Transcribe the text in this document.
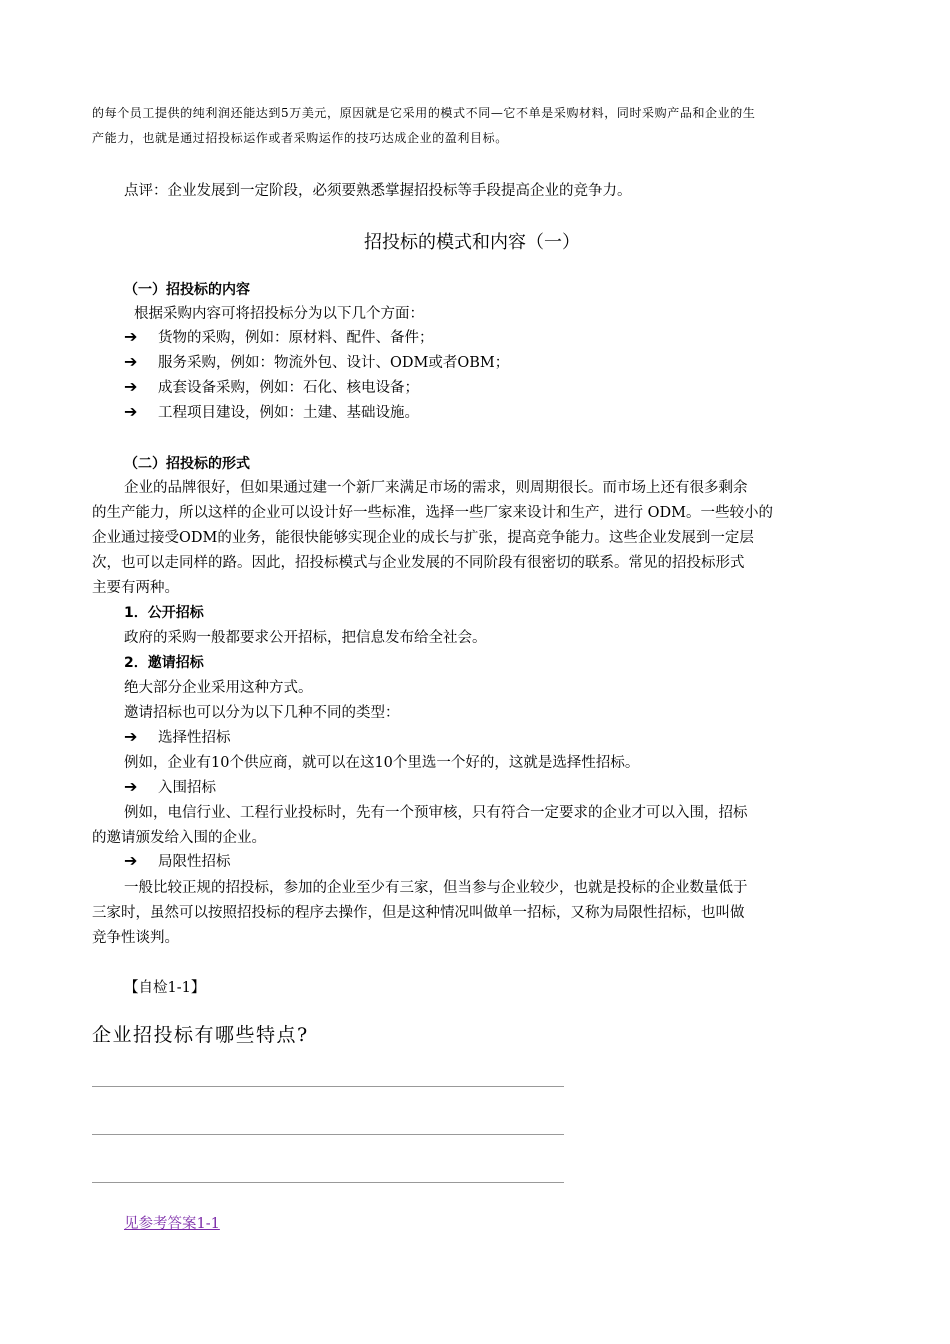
的每个员工提供的纯利润还能达到5万美元，原因就是它采用的模式不同—它不单是采购材料，同时采购产品和企业的生

产能力，也就是通过招投标运作或者采购运作的技巧达成企业的盈利目标。

点评：企业发展到一定阶段，必须要熟悉掌握招投标等手段提高企业的竞争力。

招投标的模式和内容（一）

（一）招投标的内容

根据采购内容可将招投标分为以下几个方面：

➔ 货物的采购，例如：原材料、配件、备件；
➔ 服务采购，例如：物流外包、设计、ODM或者OBM；
➔ 成套设备采购，例如：石化、核电设备；
➔ 工程项目建设，例如：土建、基础设施。

（二）招投标的形式

企业的品牌很好，但如果通过建一个新厂来满足市场的需求，则周期很长。而市场上还有很多剩余

的生产能力，所以这样的企业可以设计好一些标准，选择一些厂家来设计和生产，进行 ODM。一些较小的

企业通过接受ODM的业务，能很快能够实现企业的成长与扩张，提高竞争能力。这些企业发展到一定层

次，也可以走同样的路。因此，招投标模式与企业发展的不同阶段有很密切的联系。常见的招投标形式

主要有两种。

1．公开招标

政府的采购一般都要求公开招标，把信息发布给全社会。

2．邀请招标

绝大部分企业采用这种方式。

邀请招标也可以分为以下几种不同的类型：

➔ 选择性招标

例如，企业有10个供应商，就可以在这10个里选一个好的，这就是选择性招标。

➔ 入围招标

例如，电信行业、工程行业投标时，先有一个预审核，只有符合一定要求的企业才可以入围，招标

的邀请颁发给入围的企业。

➔ 局限性招标

一般比较正规的招投标，参加的企业至少有三家，但当参与企业较少，也就是投标的企业数量低于

三家时，虽然可以按照招投标的程序去操作，但是这种情况叫做单一招标，又称为局限性招标，也叫做

竞争性谈判。

【自检1-1】

企业招投标有哪些特点?

见参考答案1-1
